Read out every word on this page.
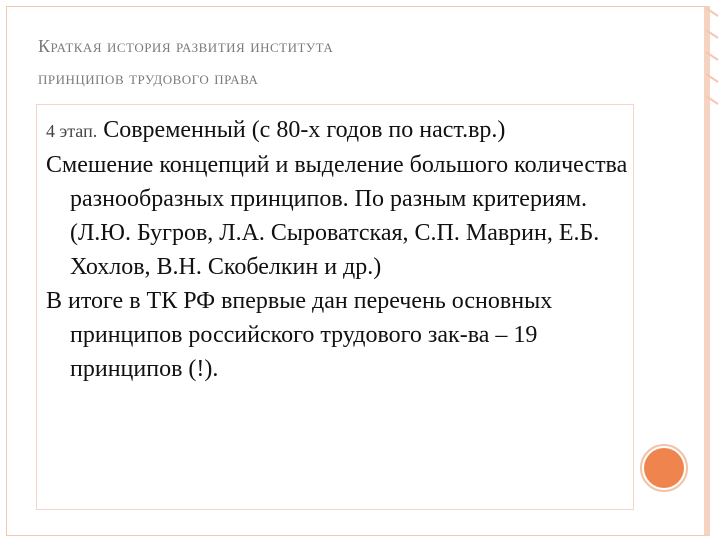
Краткая история развития института
принципов трудового права

4 этап. Современный (с 80-х годов по наст.вр.)

Смешение концепций и выделение большого количества разнообразных принципов. По разным критериям. (Л.Ю. Бугров, Л.А. Сыроватская, С.П. Маврин, Е.Б. Хохлов, В.Н. Скобелкин и др.)

В итоге в ТК РФ впервые дан перечень основных принципов российского трудового зак-ва – 19 принципов (!).
